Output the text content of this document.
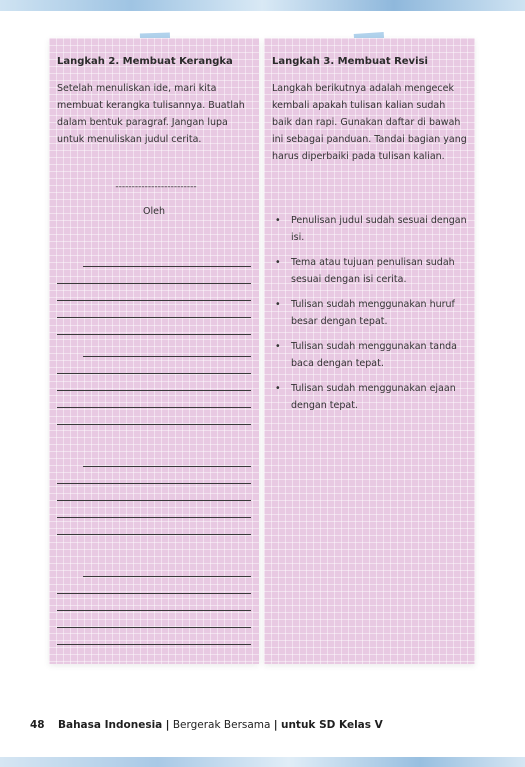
Langkah 2. Membuat Kerangka
Setelah menuliskan ide, mari kita membuat kerangka tulisannya. Buatlah dalam bentuk paragraf. Jangan lupa untuk menuliskan judul cerita.
-------------------------
Oleh
Langkah 3. Membuat Revisi
Langkah berikutnya adalah mengecek kembali apakah tulisan kalian sudah baik dan rapi. Gunakan daftar di bawah ini sebagai panduan. Tandai bagian yang harus diperbaiki pada tulisan kalian.
• Penulisan judul sudah sesuai dengan isi.
• Tema atau tujuan penulisan sudah sesuai dengan isi cerita.
• Tulisan sudah menggunakan huruf besar dengan tepat.
• Tulisan sudah menggunakan tanda baca dengan tepat.
• Tulisan sudah menggunakan ejaan dengan tepat.
48 Bahasa Indonesia | Bergerak Bersama | untuk SD Kelas V
